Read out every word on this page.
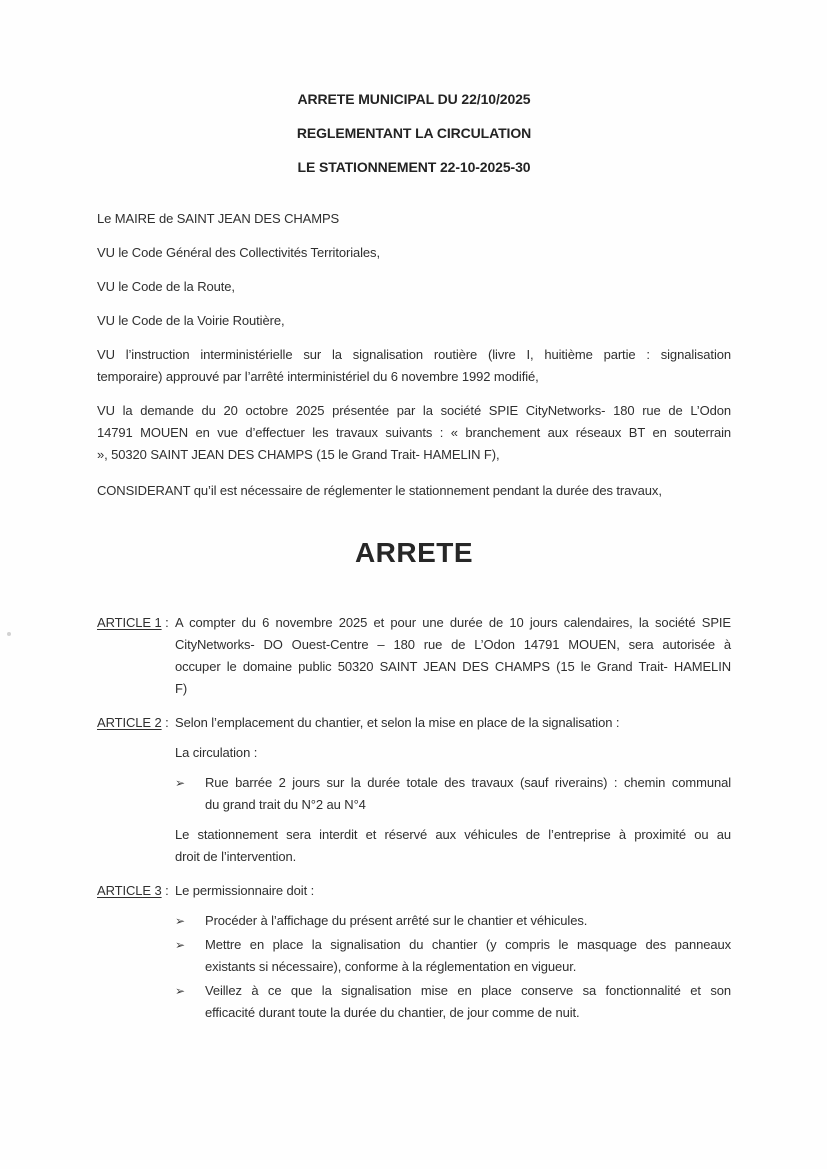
ARRETE MUNICIPAL DU 22/10/2025
REGLEMENTANT LA CIRCULATION
LE STATIONNEMENT 22-10-2025-30
Le MAIRE de SAINT JEAN DES CHAMPS
VU le Code Général des Collectivités Territoriales,
VU le Code de la Route,
VU le Code de la Voirie Routière,
VU l’instruction interministérielle sur la signalisation routière (livre I, huitième partie : signalisation
temporaire) approuvé par l’arrêté interministériel du 6 novembre 1992 modifié,
VU la demande du 20 octobre 2025 présentée par la société SPIE CityNetworks- 180 rue de L’Odon
14791 MOUEN en vue d’effectuer les travaux suivants : « branchement aux réseaux BT en souterrain
», 50320 SAINT JEAN DES CHAMPS (15 le Grand Trait- HAMELIN F),
CONSIDERANT qu’il est nécessaire de réglementer le stationnement pendant la durée des travaux,
ARRETE
ARTICLE 1 : A compter du 6 novembre 2025 et pour une durée de 10 jours calendaires, la société SPIE
CityNetworks- DO Ouest-Centre – 180 rue de L’Odon 14791 MOUEN, sera autorisée à
occuper le domaine public 50320 SAINT JEAN DES CHAMPS (15 le Grand Trait- HAMELIN
F)
ARTICLE 2 : Selon l’emplacement du chantier, et selon la mise en place de la signalisation :
La circulation :
➢	Rue barrée 2 jours sur la durée totale des travaux (sauf riverains) : chemin communal
du grand trait du N°2 au N°4
Le stationnement sera interdit et réservé aux véhicules de l’entreprise à proximité ou au
droit de l’intervention.
ARTICLE 3 : Le permissionnaire doit :
➢	Procéder à l’affichage du présent arrêté sur le chantier et véhicules.
➢	Mettre en place la signalisation du chantier (y compris le masquage des panneaux
existants si nécessaire), conforme à la réglementation en vigueur.
➢	Veillez à ce que la signalisation mise en place conserve sa fonctionnalité et son
efficacité durant toute la durée du chantier, de jour comme de nuit.
